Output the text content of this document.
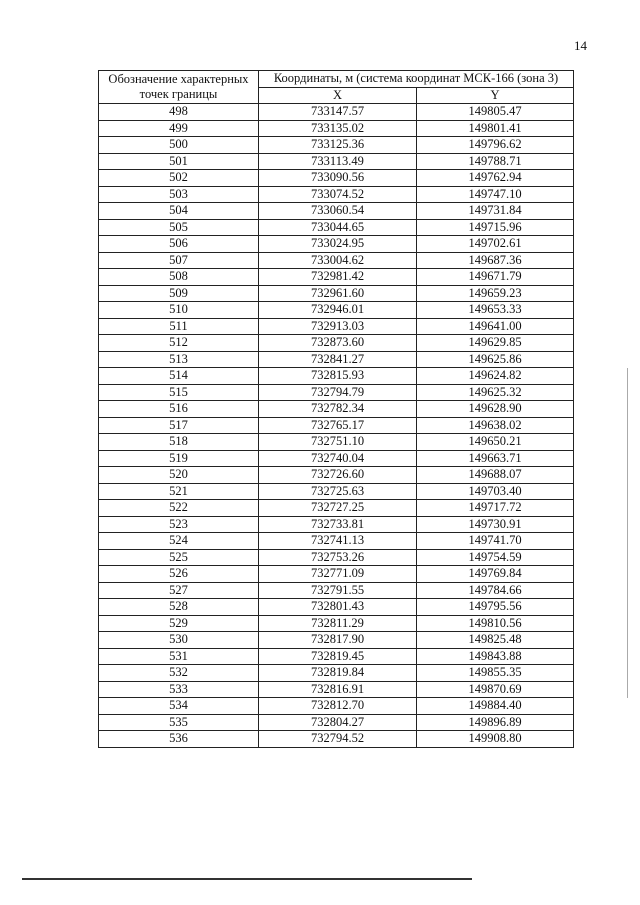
14
Обозначение характерных точек границы	Координаты, м (система координат МСК-166 (зона 3)	
	X	Y
498	733147.57	149805.47
499	733135.02	149801.41
500	733125.36	149796.62
501	733113.49	149788.71
502	733090.56	149762.94
503	733074.52	149747.10
504	733060.54	149731.84
505	733044.65	149715.96
506	733024.95	149702.61
507	733004.62	149687.36
508	732981.42	149671.79
509	732961.60	149659.23
510	732946.01	149653.33
511	732913.03	149641.00
512	732873.60	149629.85
513	732841.27	149625.86
514	732815.93	149624.82
515	732794.79	149625.32
516	732782.34	149628.90
517	732765.17	149638.02
518	732751.10	149650.21
519	732740.04	149663.71
520	732726.60	149688.07
521	732725.63	149703.40
522	732727.25	149717.72
523	732733.81	149730.91
524	732741.13	149741.70
525	732753.26	149754.59
526	732771.09	149769.84
527	732791.55	149784.66
528	732801.43	149795.56
529	732811.29	149810.56
530	732817.90	149825.48
531	732819.45	149843.88
532	732819.84	149855.35
533	732816.91	149870.69
534	732812.70	149884.40
535	732804.27	149896.89
536	732794.52	149908.80
